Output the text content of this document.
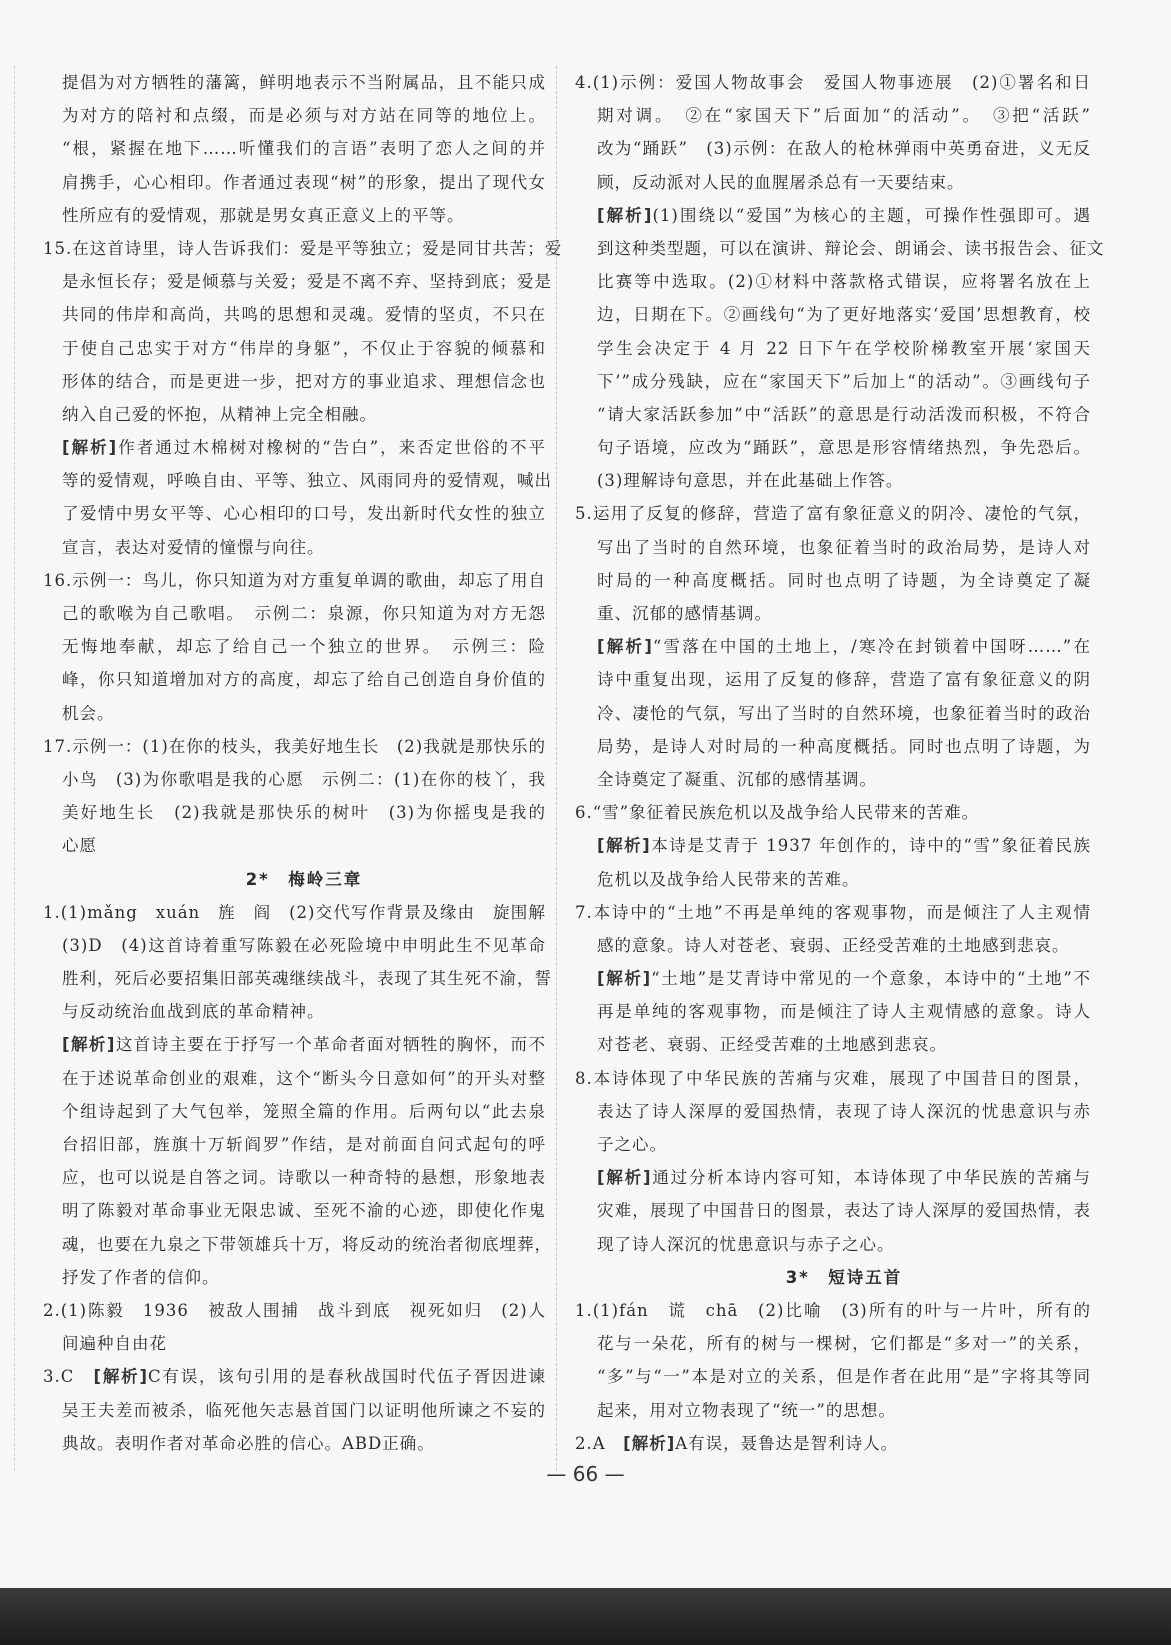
提倡为对方牺牲的藩篱，鲜明地表示不当附属品，且不能只成
为对方的陪衬和点缀，而是必须与对方站在同等的地位上。
“根，紧握在地下……听懂我们的言语”表明了恋人之间的并
肩携手，心心相印。作者通过表现“树”的形象，提出了现代女
性所应有的爱情观，那就是男女真正意义上的平等。
15.在这首诗里，诗人告诉我们：爱是平等独立；爱是同甘共苦；爱
是永恒长存；爱是倾慕与关爱；爱是不离不弃、坚持到底；爱是
共同的伟岸和高尚，共鸣的思想和灵魂。爱情的坚贞，不只在
于使自己忠实于对方“伟岸的身躯”，不仅止于容貌的倾慕和
形体的结合，而是更进一步，把对方的事业追求、理想信念也
纳入自己爱的怀抱，从精神上完全相融。
[解析]作者通过木棉树对橡树的“告白”，来否定世俗的不平
等的爱情观，呼唤自由、平等、独立、风雨同舟的爱情观，喊出
了爱情中男女平等、心心相印的口号，发出新时代女性的独立
宣言，表达对爱情的憧憬与向往。
16.示例一：鸟儿，你只知道为对方重复单调的歌曲，却忘了用自
己的歌喉为自己歌唱。　示例二：泉源，你只知道为对方无怨
无悔地奉献，却忘了给自己一个独立的世界。　示例三：险
峰，你只知道增加对方的高度，却忘了给自己创造自身价值的
机会。
17.示例一：(1)在你的枝头，我美好地生长　(2)我就是那快乐的
小鸟　(3)为你歌唱是我的心愿　示例二：(1)在你的枝丫，我
美好地生长　(2)我就是那快乐的树叶　(3)为你摇曳是我的
心愿
2*　梅岭三章
1.(1)mǎng　xuán　旌　阎　(2)交代写作背景及缘由　旋围解
(3)D　(4)这首诗着重写陈毅在必死险境中申明此生不见革命
胜利，死后必要招集旧部英魂继续战斗，表现了其生死不渝，誓
与反动统治血战到底的革命精神。
[解析]这首诗主要在于抒写一个革命者面对牺牲的胸怀，而不
在于述说革命创业的艰难，这个“断头今日意如何”的开头对整
个组诗起到了大气包举，笼照全篇的作用。后两句以“此去泉
台招旧部，旌旗十万斩阎罗”作结，是对前面自问式起句的呼
应，也可以说是自答之词。诗歌以一种奇特的悬想，形象地表
明了陈毅对革命事业无限忠诚、至死不渝的心迹，即使化作鬼
魂，也要在九泉之下带领雄兵十万，将反动的统治者彻底埋葬，
抒发了作者的信仰。
2.(1)陈毅　1936　被敌人围捕　战斗到底　视死如归　(2)人
间遍种自由花
3.C　[解析]C有误，该句引用的是春秋战国时代伍子胥因进谏
吴王夫差而被杀，临死他矢志悬首国门以证明他所谏之不妄的
典故。表明作者对革命必胜的信心。ABD正确。
4.(1)示例：爱国人物故事会　爱国人物事迹展　(2)①署名和日
期对调。　②在“家国天下”后面加“的活动”。　③把“活跃”
改为“踊跃”　(3)示例：在敌人的枪林弹雨中英勇奋进，义无反
顾，反动派对人民的血腥屠杀总有一天要结束。
[解析](1)围绕以“爱国”为核心的主题，可操作性强即可。遇
到这种类型题，可以在演讲、辩论会、朗诵会、读书报告会、征文
比赛等中选取。(2)①材料中落款格式错误，应将署名放在上
边，日期在下。②画线句“为了更好地落实‘爱国’思想教育，校
学生会决定于 4 月 22 日下午在学校阶梯教室开展‘家国天
下’”成分残缺，应在“家国天下”后加上“的活动”。③画线句子
“请大家活跃参加”中“活跃”的意思是行动活泼而积极，不符合
句子语境，应改为“踊跃”，意思是形容情绪热烈，争先恐后。
(3)理解诗句意思，并在此基础上作答。
5.运用了反复的修辞，营造了富有象征意义的阴冷、凄怆的气氛，
写出了当时的自然环境，也象征着当时的政治局势，是诗人对
时局的一种高度概括。同时也点明了诗题，为全诗奠定了凝
重、沉郁的感情基调。
[解析]“雪落在中国的土地上，/寒冷在封锁着中国呀……”在
诗中重复出现，运用了反复的修辞，营造了富有象征意义的阴
冷、凄怆的气氛，写出了当时的自然环境，也象征着当时的政治
局势，是诗人对时局的一种高度概括。同时也点明了诗题，为
全诗奠定了凝重、沉郁的感情基调。
6.“雪”象征着民族危机以及战争给人民带来的苦难。
[解析]本诗是艾青于 1937 年创作的，诗中的“雪”象征着民族
危机以及战争给人民带来的苦难。
7.本诗中的“土地”不再是单纯的客观事物，而是倾注了人主观情
感的意象。诗人对苍老、衰弱、正经受苦难的土地感到悲哀。
[解析]“土地”是艾青诗中常见的一个意象，本诗中的“土地”不
再是单纯的客观事物，而是倾注了诗人主观情感的意象。诗人
对苍老、衰弱、正经受苦难的土地感到悲哀。
8.本诗体现了中华民族的苦痛与灾难，展现了中国昔日的图景，
表达了诗人深厚的爱国热情，表现了诗人深沉的忧患意识与赤
子之心。
[解析]通过分析本诗内容可知，本诗体现了中华民族的苦痛与
灾难，展现了中国昔日的图景，表达了诗人深厚的爱国热情，表
现了诗人深沉的忧患意识与赤子之心。
3*　短诗五首
1.(1)fán　谎　chā　(2)比喻　(3)所有的叶与一片叶，所有的
花与一朵花，所有的树与一棵树，它们都是“多对一”的关系，
“多”与“一”本是对立的关系，但是作者在此用“是”字将其等同
起来，用对立物表现了“统一”的思想。
2.A　[解析]A有误，聂鲁达是智利诗人。
— 66 —
